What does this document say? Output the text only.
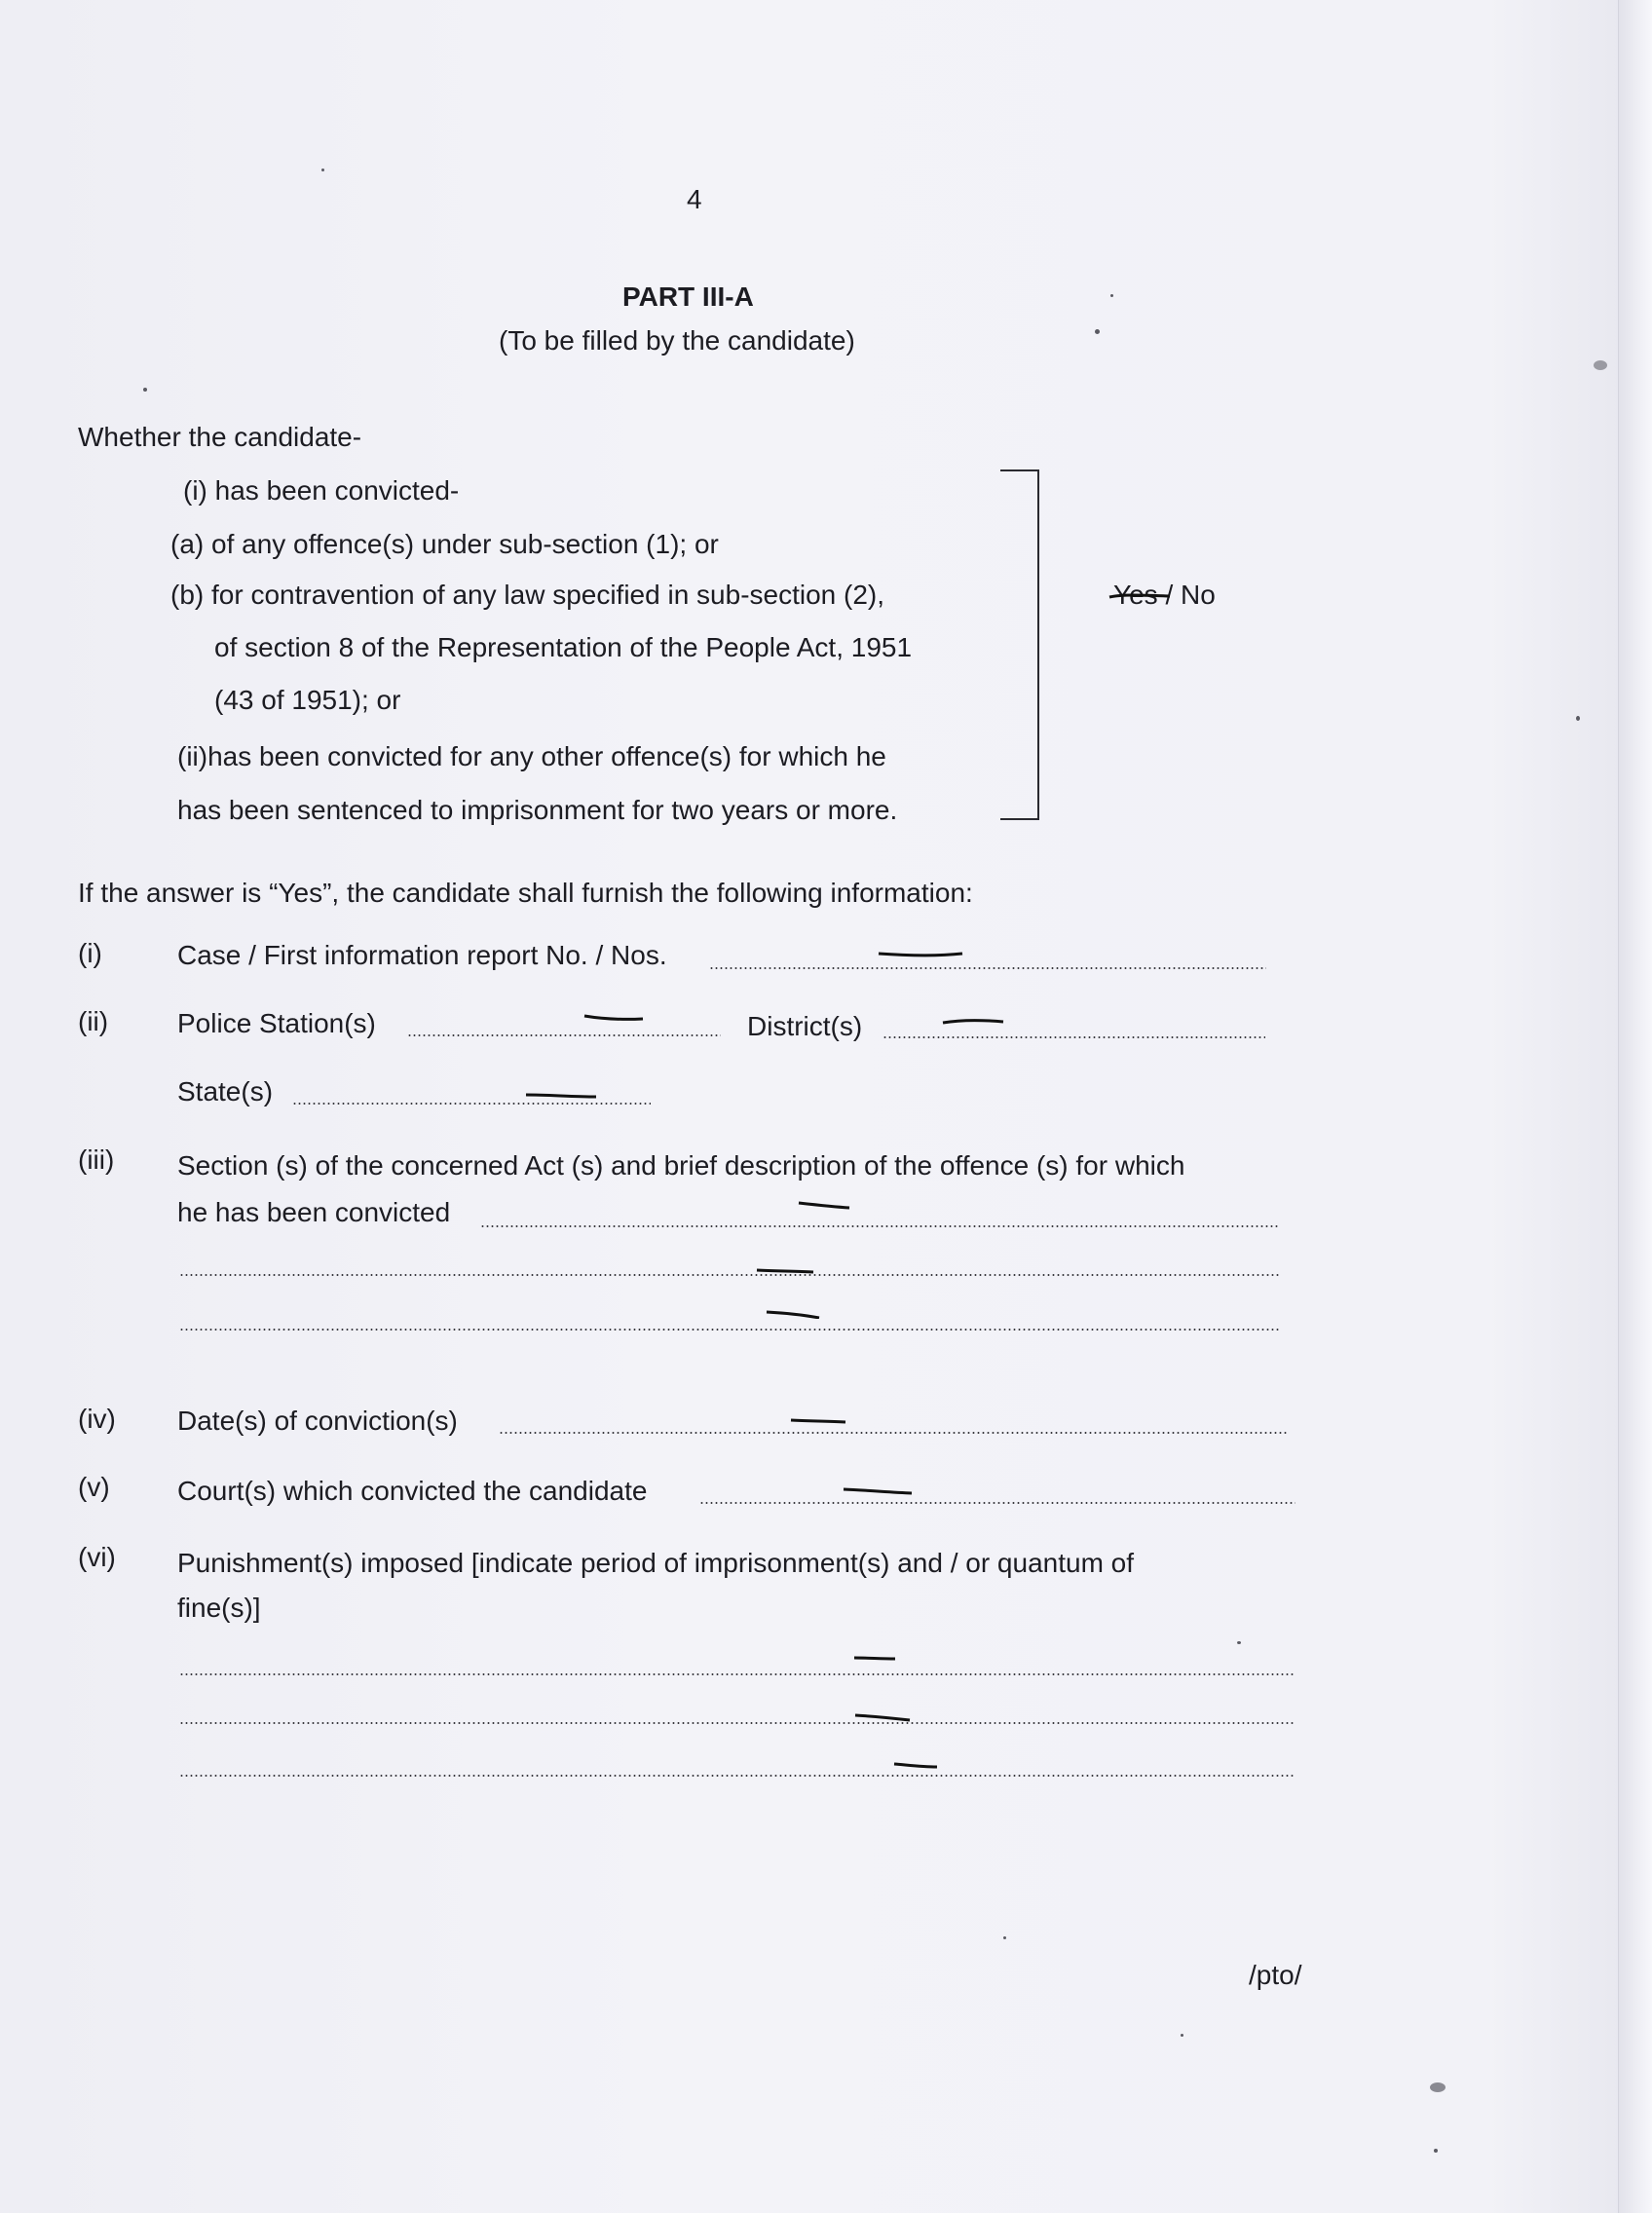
4
PART III-A
(To be filled by the candidate)
Whether the candidate-
(i) has been convicted-
(a) of any offence(s) under sub-section (1); or
(b) for contravention of any law specified in sub-section (2),
of section 8 of the Representation of the People Act, 1951
(43 of 1951); or
(ii)has been convicted for any other offence(s) for which he
has been sentenced to imprisonment for two years or more.
Yes
/ No
If the answer is “Yes”, the candidate shall furnish the following information:
(i)	Case / First information report No. / Nos.
(ii)	Police Station(s)	District(s)
State(s)
(iii) Section (s) of the concerned Act (s) and brief description of the offence (s) for which
he has been convicted
(iv) Date(s) of conviction(s)
(v) Court(s) which convicted the candidate
(vi) Punishment(s) imposed [indicate period of imprisonment(s) and / or quantum of
fine(s)]
/pto/
